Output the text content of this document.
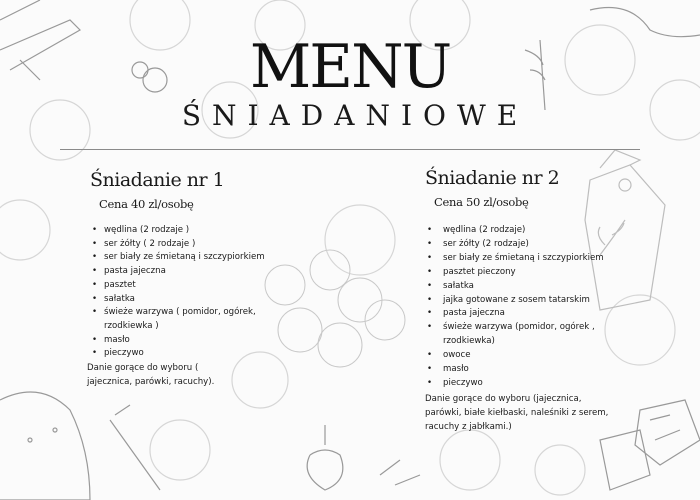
MENU
ŚNIADANIOWE
Śniadanie nr 1
Cena 40 zl/osobę
• wędlina (2 rodzaje )
• ser żółty ( 2 rodzaje )
• ser biały ze śmietaną i szczypiorkiem
• pasta jajeczna
• pasztet
• sałatka
• świeże warzywa ( pomidor, ogórek, rzodkiewka )
• masło
• pieczywo
Danie gorące do wyboru ( jajecznica, parówki, racuchy).
Śniadanie nr 2
Cena 50 zl/osobę
• wędlina (2 rodzaje)
• ser żółty (2 rodzaje)
• ser biały ze śmietaną i szczypiorkiem
• pasztet pieczony
• sałatka
• jajka gotowane z sosem tatarskim
• pasta jajeczna
• świeże warzywa (pomidor, ogórek , rzodkiewka)
• owoce
• masło
• pieczywo
Danie gorące do wyboru (jajecznica, parówki, białe kiełbaski, naleśniki z serem, racuchy z jabłkami.)
